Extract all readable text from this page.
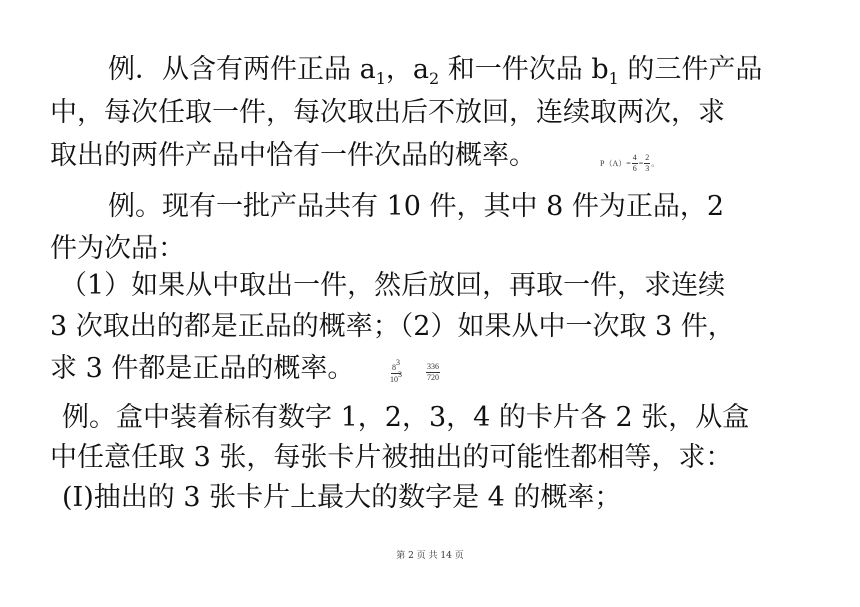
例．从含有两件正品 $a_1$，$a_2$ 和一件次品 $b_1$ 的三件产品
中，每次任取一件，每次取出后不放回，连续取两次，求
取出的两件产品中恰有一件次品的概率。	$P(A)= \frac{4}{6} = \frac{2}{3}$ 。
例。现有一批产品共有 10 件，其中 8 件为正品，2
件为次品：
（1）如果从中取出一件，然后放回，再取一件，求连续
3 次取出的都是正品的概率；（2）如果从中一次取 3 件，
求 3 件都是正品的概率。	$\frac{83}{103}$	$\frac{336}{720}$
例。盒中装着标有数字 1，2，3，4 的卡片各 2 张，从盒
中任意任取 3 张，每张卡片被抽出的可能性都相等，求：
(Ⅰ)抽出的 3 张卡片上最大的数字是 4 的概率；
第 2 页 共 14 页
